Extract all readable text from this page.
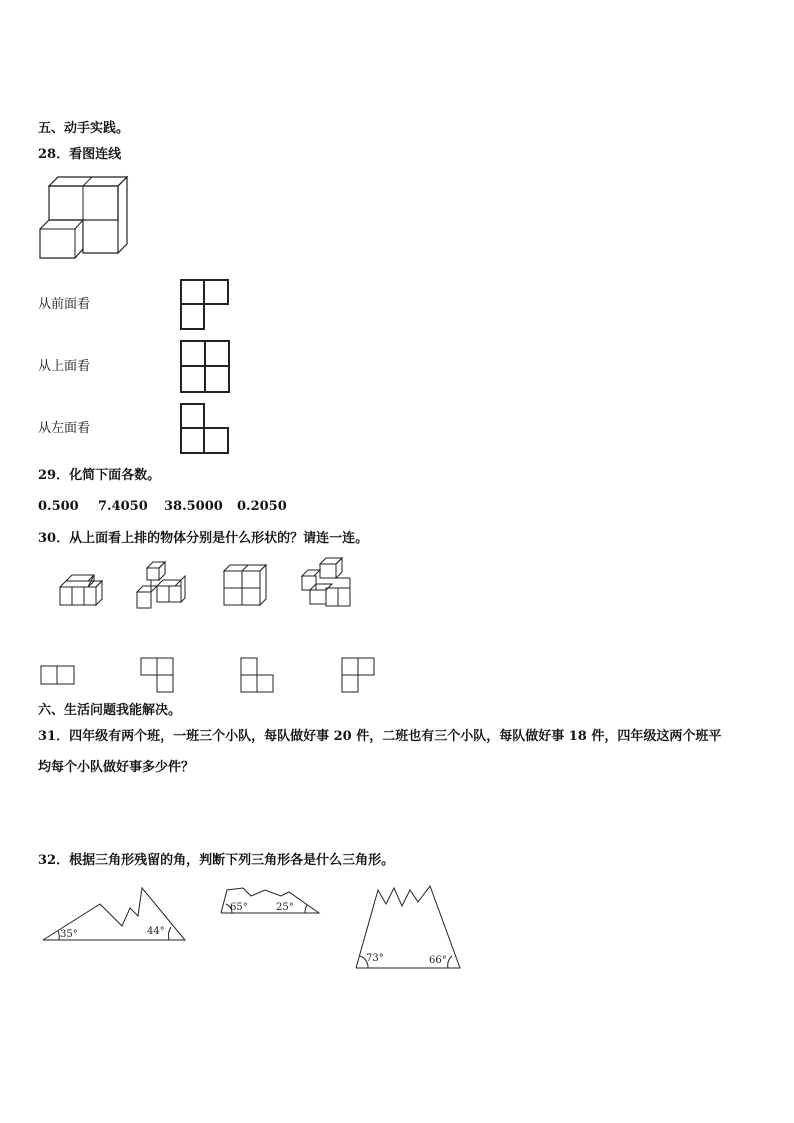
五、动手实践。
28．看图连线
从前面看
从上面看
从左面看
29．化简下面各数。
0.500 7.4050 38.5000 0.2050
30．从上面看上排的物体分别是什么形状的？请连一连。
六、生活问题我能解决。
31．四年级有两个班，一班三个小队，每队做好事 20 件，二班也有三个小队，每队做好事 18 件，四年级这两个班平
均每个小队做好事多少件？
32．根据三角形残留的角，判断下列三角形各是什么三角形。
35°	44°
65°	25°
73°	66°
